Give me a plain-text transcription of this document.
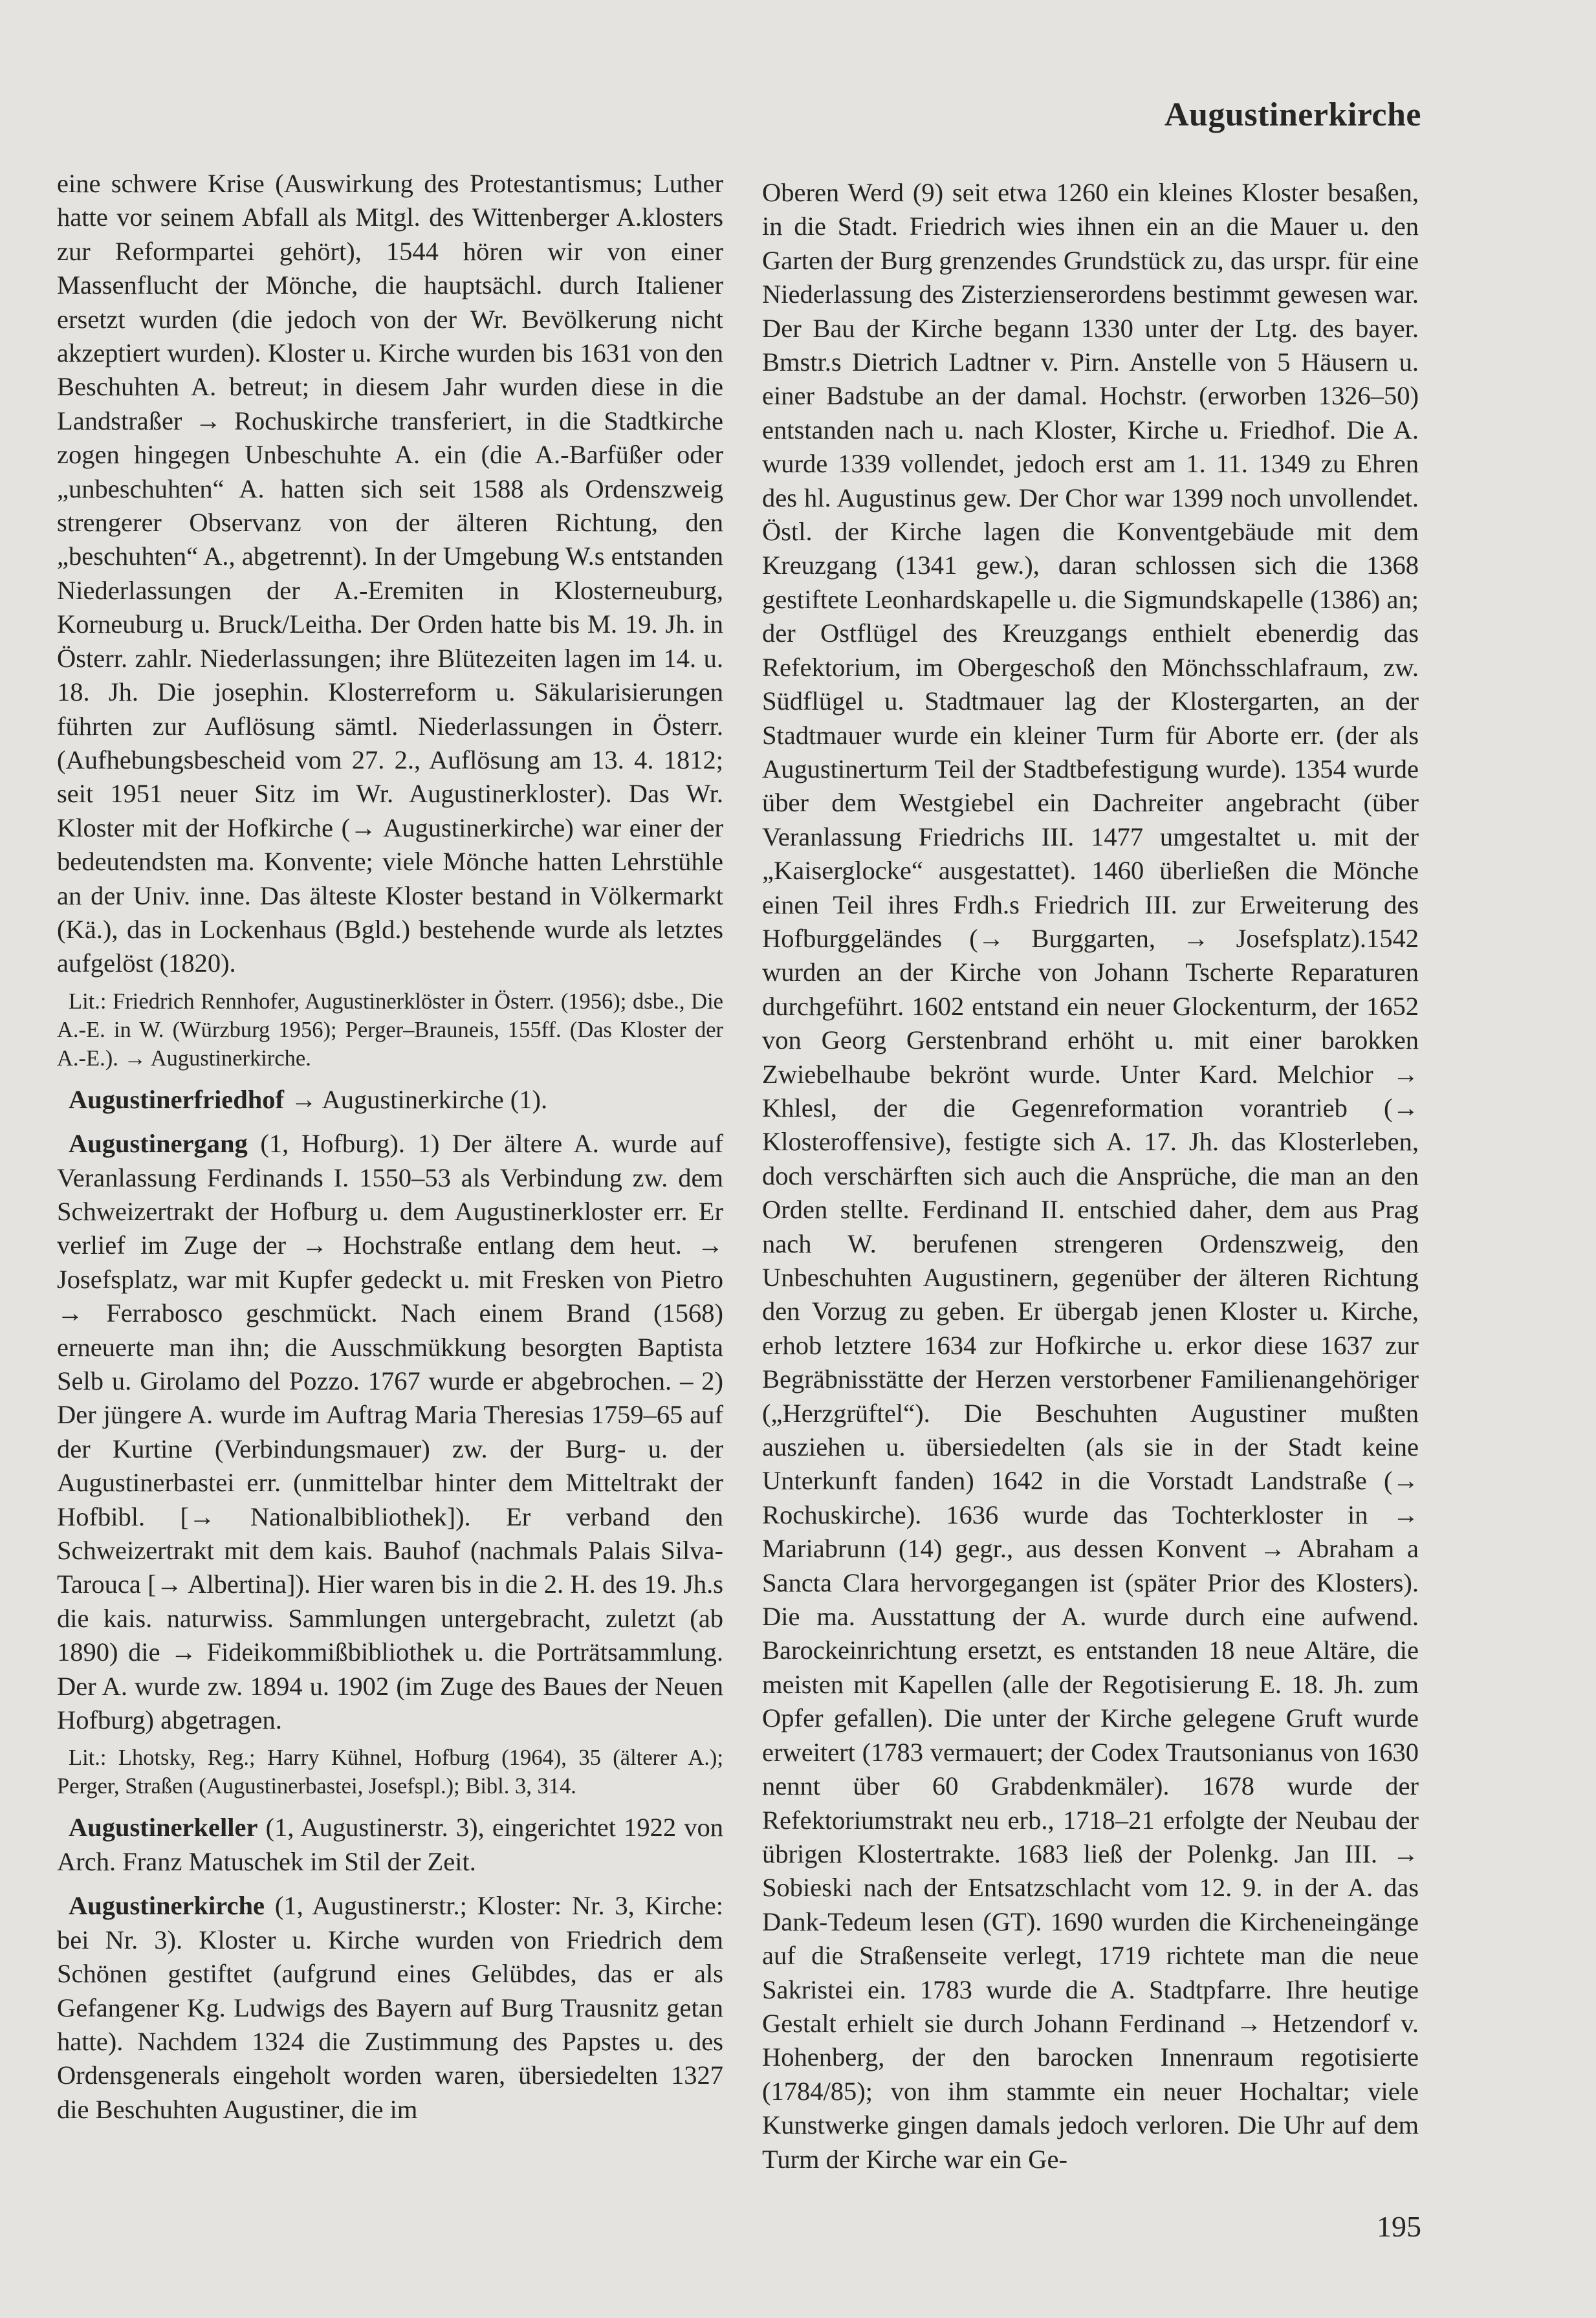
Augustinerkirche

eine schwere Krise (Auswirkung des Protestantismus; Luther hatte vor seinem Abfall als Mitgl. des Wittenberger A.klosters zur Reformpartei gehört), 1544 hören wir von einer Massenflucht der Mönche, die hauptsächl. durch Italiener ersetzt wurden (die jedoch von der Wr. Bevölkerung nicht akzeptiert wurden). Kloster u. Kirche wurden bis 1631 von den Beschuhten A. betreut; in diesem Jahr wurden diese in die Landstraßer → Rochuskirche transferiert, in die Stadtkirche zogen hingegen Unbeschuhte A. ein (die A.-Barfüßer oder „unbeschuhten“ A. hatten sich seit 1588 als Ordenszweig strengerer Observanz von der älteren Richtung, den „beschuhten“ A., abgetrennt). In der Umgebung W.s entstanden Niederlassungen der A.-Eremiten in Klosterneuburg, Korneuburg u. Bruck/Leitha. Der Orden hatte bis M. 19. Jh. in Österr. zahlr. Niederlassungen; ihre Blütezeiten lagen im 14. u. 18. Jh. Die josephin. Klosterreform u. Säkularisierungen führten zur Auflösung sämtl. Niederlassungen in Österr. (Aufhebungsbescheid vom 27. 2., Auflösung am 13. 4. 1812; seit 1951 neuer Sitz im Wr. Augustinerkloster). Das Wr. Kloster mit der Hofkirche (→ Augustinerkirche) war einer der bedeutendsten ma. Konvente; viele Mönche hatten Lehrstühle an der Univ. inne. Das älteste Kloster bestand in Völkermarkt (Kä.), das in Lockenhaus (Bgld.) bestehende wurde als letztes aufgelöst (1820).

Lit.: Friedrich Rennhofer, Augustinerklöster in Österr. (1956); dsbe., Die A.-E. in W. (Würzburg 1956); Perger–Brauneis, 155ff. (Das Kloster der A.-E.). → Augustinerkirche.

Augustinerfriedhof → Augustinerkirche (1).

Augustinergang (1, Hofburg). 1) Der ältere A. wurde auf Veranlassung Ferdinands I. 1550–53 als Verbindung zw. dem Schweizertrakt der Hofburg u. dem Augustinerkloster err. Er verlief im Zuge der → Hochstraße entlang dem heut. → Josefsplatz, war mit Kupfer gedeckt u. mit Fresken von Pietro → Ferrabosco geschmückt. Nach einem Brand (1568) erneuerte man ihn; die Ausschmükkung besorgten Baptista Selb u. Girolamo del Pozzo. 1767 wurde er abgebrochen. – 2) Der jüngere A. wurde im Auftrag Maria Theresias 1759–65 auf der Kurtine (Verbindungsmauer) zw. der Burg- u. der Augustinerbastei err. (unmittelbar hinter dem Mitteltrakt der Hofbibl. [→ Nationalbibliothek]). Er verband den Schweizertrakt mit dem kais. Bauhof (nachmals Palais Silva-Tarouca [→ Albertina]). Hier waren bis in die 2. H. des 19. Jh.s die kais. naturwiss. Sammlungen untergebracht, zuletzt (ab 1890) die → Fideikommißbibliothek u. die Porträtsammlung. Der A. wurde zw. 1894 u. 1902 (im Zuge des Baues der Neuen Hofburg) abgetragen.

Lit.: Lhotsky, Reg.; Harry Kühnel, Hofburg (1964), 35 (älterer A.); Perger, Straßen (Augustinerbastei, Josefspl.); Bibl. 3, 314.

Augustinerkeller (1, Augustinerstr. 3), eingerichtet 1922 von Arch. Franz Matuschek im Stil der Zeit.

Augustinerkirche (1, Augustinerstr.; Kloster: Nr. 3, Kirche: bei Nr. 3). Kloster u. Kirche wurden von Friedrich dem Schönen gestiftet (aufgrund eines Gelübdes, das er als Gefangener Kg. Ludwigs des Bayern auf Burg Trausnitz getan hatte). Nachdem 1324 die Zustimmung des Papstes u. des Ordensgenerals eingeholt worden waren, übersiedelten 1327 die Beschuhten Augustiner, die im

Oberen Werd (9) seit etwa 1260 ein kleines Kloster besaßen, in die Stadt. Friedrich wies ihnen ein an die Mauer u. den Garten der Burg grenzendes Grundstück zu, das urspr. für eine Niederlassung des Zisterzienserordens bestimmt gewesen war. Der Bau der Kirche begann 1330 unter der Ltg. des bayer. Bmstr.s Dietrich Ladtner v. Pirn. Anstelle von 5 Häusern u. einer Badstube an der damal. Hochstr. (erworben 1326–50) entstanden nach u. nach Kloster, Kirche u. Friedhof. Die A. wurde 1339 vollendet, jedoch erst am 1. 11. 1349 zu Ehren des hl. Augustinus gew. Der Chor war 1399 noch unvollendet. Östl. der Kirche lagen die Konventgebäude mit dem Kreuzgang (1341 gew.), daran schlossen sich die 1368 gestiftete Leonhardskapelle u. die Sigmundskapelle (1386) an; der Ostflügel des Kreuzgangs enthielt ebenerdig das Refektorium, im Obergeschoß den Mönchsschlafraum, zw. Südflügel u. Stadtmauer lag der Klostergarten, an der Stadtmauer wurde ein kleiner Turm für Aborte err. (der als Augustinerturm Teil der Stadtbefestigung wurde). 1354 wurde über dem Westgiebel ein Dachreiter angebracht (über Veranlassung Friedrichs III. 1477 umgestaltet u. mit der „Kaiserglocke“ ausgestattet). 1460 überließen die Mönche einen Teil ihres Frdh.s Friedrich III. zur Erweiterung des Hofburggeländes (→ Burggarten, → Josefsplatz).1542 wurden an der Kirche von Johann Tscherte Reparaturen durchgeführt. 1602 entstand ein neuer Glockenturm, der 1652 von Georg Gerstenbrand erhöht u. mit einer barokken Zwiebelhaube bekrönt wurde. Unter Kard. Melchior → Khlesl, der die Gegenreformation vorantrieb (→ Klosteroffensive), festigte sich A. 17. Jh. das Klosterleben, doch verschärften sich auch die Ansprüche, die man an den Orden stellte. Ferdinand II. entschied daher, dem aus Prag nach W. berufenen strengeren Ordenszweig, den Unbeschuhten Augustinern, gegenüber der älteren Richtung den Vorzug zu geben. Er übergab jenen Kloster u. Kirche, erhob letztere 1634 zur Hofkirche u. erkor diese 1637 zur Begräbnisstätte der Herzen verstorbener Familienangehöriger („Herzgrüftel“). Die Beschuhten Augustiner mußten ausziehen u. übersiedelten (als sie in der Stadt keine Unterkunft fanden) 1642 in die Vorstadt Landstraße (→ Rochuskirche). 1636 wurde das Tochterkloster in → Mariabrunn (14) gegr., aus dessen Konvent → Abraham a Sancta Clara hervorgegangen ist (später Prior des Klosters). Die ma. Ausstattung der A. wurde durch eine aufwend. Barockeinrichtung ersetzt, es entstanden 18 neue Altäre, die meisten mit Kapellen (alle der Regotisierung E. 18. Jh. zum Opfer gefallen). Die unter der Kirche gelegene Gruft wurde erweitert (1783 vermauert; der Codex Trautsonianus von 1630 nennt über 60 Grabdenkmäler). 1678 wurde der Refektoriumstrakt neu erb., 1718–21 erfolgte der Neubau der übrigen Klostertrakte. 1683 ließ der Polenkg. Jan III. → Sobieski nach der Entsatzschlacht vom 12. 9. in der A. das Dank-Tedeum lesen (GT). 1690 wurden die Kircheneingänge auf die Straßenseite verlegt, 1719 richtete man die neue Sakristei ein. 1783 wurde die A. Stadtpfarre. Ihre heutige Gestalt erhielt sie durch Johann Ferdinand → Hetzendorf v. Hohenberg, der den barocken Innenraum regotisierte (1784/85); von ihm stammte ein neuer Hochaltar; viele Kunstwerke gingen damals jedoch verloren. Die Uhr auf dem Turm der Kirche war ein Ge-

195
